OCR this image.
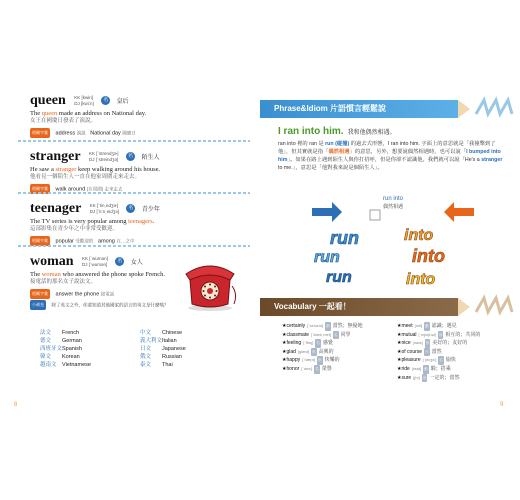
queen KK [kwin]
DJ [kwi:n] 名 皇后
The queen made an address on National day.
女王在國慶日發表了演說。
相關字彙 address 演說 National day 國慶日
stranger KK [ˋstrendʒɚ]
DJ [ˋstreindʒə] 名 陌生人
He saw a stranger keep walking around his house.
他看見一個陌生人一直在他家周圍走來走去。
相關字彙 walk around (在周圍) 走來走去
teenager KK [ˋtin͵edʒɚ]
DJ [ˋti:n͵eidʒə] 名 青少年
The TV series is very popular among teenagers.
這部影集在青少年之中非常受歡迎。
相關字彙 popular 受歡迎的 among 在…之中
woman KK [ˋwʊmən]
DJ [ˋwumən] 名 女人
The woman who answered the phone spoke French.
接電話的那名女子說法文。
相關字彙 answer the phone 接電話
小補充 除了英文之外，你還知道其他國家的語言的英文是什麼嗎？
法文	French	中文	Chinese
德文	German	義大利文 Italian
西班牙文 Spanish	日文	Japanese
韓文	Korean	俄文	Russian
越南文 Vietnamese	泰文	Thai
8
Phrase&Idiom 片語慣言輕鬆說
I ran into him. 我和他偶然相遇。
ran into 裡的 ran 是 run (碰撞) 的過去式形態，I ran into him. 字面上的意思就是「我撞擊到了他」，但其實就是指「偶然相遇」的意思，另外，想要說偶然相遇時，也可以說「I bumped into him」。如果在路上遇到陌生人與你打招呼，但是你卻不認識他，我們就可以說「He's a stranger to me.」，意思是「他對我來說是個陌生人」。
run into
偶然相遇
run
run
run
into
into
into
Vocabulary 一起看！
★certainly [ˋsɝtənlɪ] 副 當然；無疑地	★meet [mit] 動 認識；遇見
★classmate [ˋklæs͵met] 名 同學	★mutual [ˋmjutʃʊəl] 形 相互的；共同的
★feeling [ˋfilɪŋ] 名 感覺	★nice [naɪs] 形 美好的；友好的
★glad [glæd] 形 高興的	★of course 片 當然
★happy [ˋhæpɪ] 形 快樂的	★pleasure [ˋplɛʒɚ] 名 愉快
★honor [ˋɑnɚ] 名 榮譽	★ride [raɪd] 動 騎；搭乘
★sure [ʃʊr] 形 一定的；當然
9
